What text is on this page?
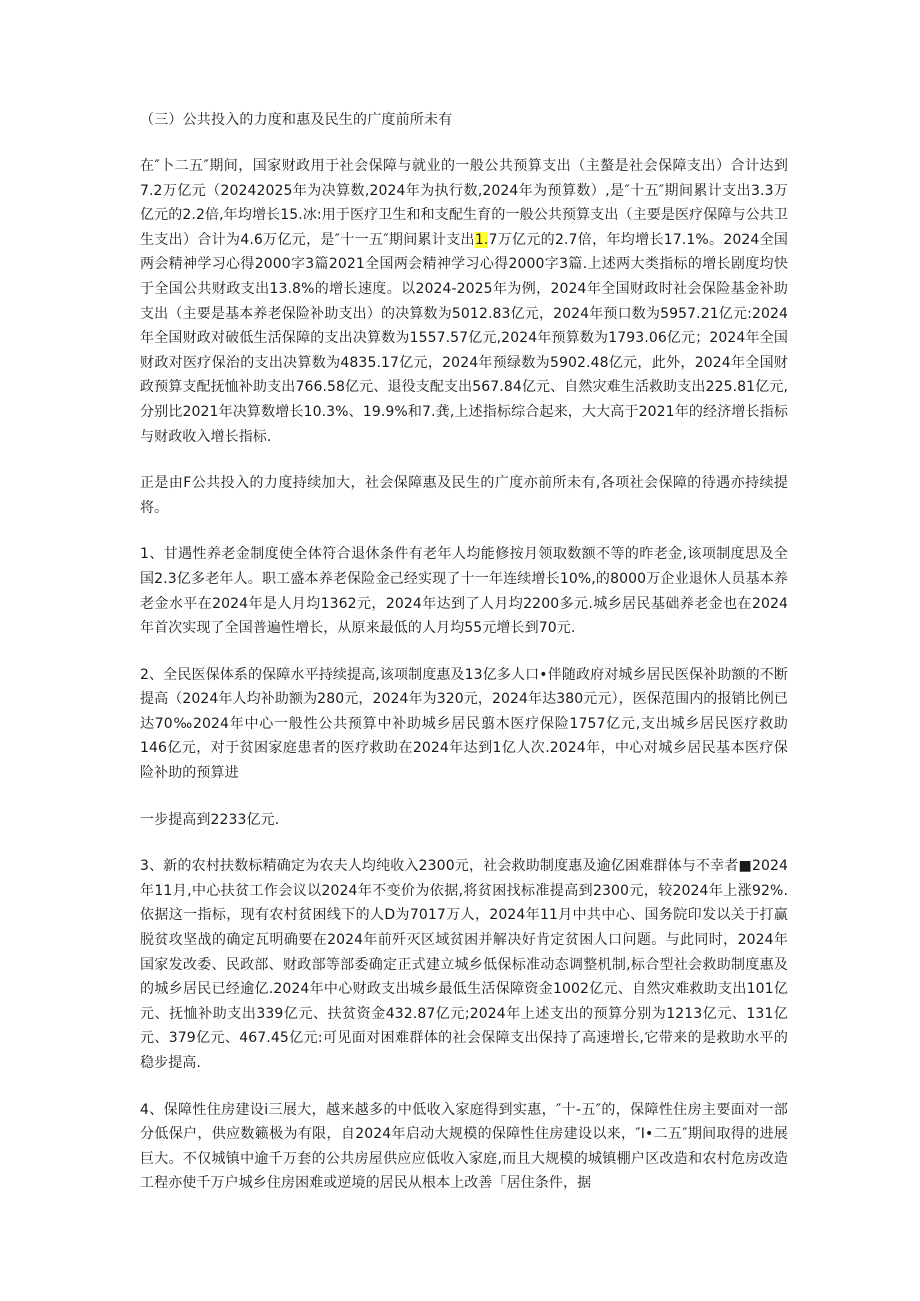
（三）公共投入的力度和惠及民生的广度前所未有

在″卜二五″期间，国家财政用于社会保障与就业的一般公共预算支出（主螯是社会保障支出）合计达到7.2万亿元（20242025年为决算数,2024年为执行数,2024年为预算数）,是″十五″期间累计支出3.3万亿元的2.2倍,年均增长15.冰:用于医疗卫生和和支配生育的一般公共预算支出（主要是医疗保障与公共卫生支出）合计为4.6万亿元，是″十一五″期间累计支出1.7万亿元的2.7倍，年均增长17.1%。2024全国两会精神学习心得2000字3篇2021全国两会精神学习心得2000字3篇.上述两大类指标的增长剧度均快于全国公共财政支出13.8%的增长速度。以2024-2025年为例，2024年全国财政时社会保险基金补助支出（主要是基本养老保险补助支出）的决算数为5012.83亿元，2024年预口数为5957.21亿元:2024年全国财政对破低生活保障的支出决算数为1557.57亿元,2024年预算数为1793.06亿元；2024年全国财政对医疗保治的支出决算数为4835.17亿元，2024年预绿数为5902.48亿元，此外，2024年全国财政预算支配抚恤补助支出766.58亿元、退役支配支出567.84亿元、自然灾难生活救助支出225.81亿元,分别比2021年决算数增长10.3%、19.9%和7.龚,上述指标综合起来，大大高于2021年的经济增长指标与财政收入增长指标.

正是由F公共投入的力度持续加大，社会保障惠及民生的广度亦前所未有,各项社会保障的待遇亦持续提将。

1、甘遇性养老金制度使全体符合退休条件有老年人均能修按月领取数额不等的昨老金,该项制度思及全国2.3亿多老年人。职工盛本养老保险金己经实现了十一年连续增长10%,的8000万企业退休人员基本养老金水平在2024年是人月均1362元，2024年达到了人月均2200多元.城乡居民基础养老金也在2024年首次实现了全国普遍性增长，从原来最低的人月均55元增长到70元.

2、全民医保体系的保障水平持续提高,该项制度惠及13亿多人口•伴随政府对城乡居民医保补助额的不断提高（2024年人均补助额为280元，2024年为320元，2024年达380元元），医保范围内的报销比例已达70‰2024年中心一般性公共预算中补助城乡居民翦木医疗保险1757亿元,支出城乡居民医疗救助146亿元，对于贫困家庭患者的医疗救助在2024年达到1亿人次.2024年，中心对城乡居民基本医疗保险补助的预算进

一步提高到2233亿元.

3、新的农村扶数标精确定为农夫人均纯收入2300元，社会救助制度惠及逾亿困难群体与不幸者■2024年11月,中心扶贫工作会议以2024年不变价为依据,将贫困找标准提高到2300元，较2024年上涨92%.依据这一指标，现有农村贫困线下的人D为7017万人，2024年11月中共中心、国务院印发以关于打赢脱贫攻坚战的确定瓦明确要在2024年前歼灭区域贫困并解决好肯定贫困人口问题。与此同时，2024年国家发改委、民政部、财政部等部委确定正式建立城乡低保标准动态调整机制,标合型社会救助制度惠及的城乡居民已经逾亿.2024年中心财政支出城乡最低生活保障资金1002亿元、自然灾难救助支出101亿元、抚恤补助支出339亿元、扶贫资金432.87亿元;2024年上述支出的预算分别为1213亿元、131亿元、379亿元、467.45亿元:可见面对困难群体的社会保障支出保持了高速增长,它带来的是救助水平的稳步提高.

4、保障性住房建设i三展大，越来越多的中低收入家庭得到实惠，″十-五″的，保障性住房主要面对一部分低保户，供应数籁极为有限，自2024年启动大规模的保障性住房建设以来，″I•二五″期间取得的进展巨大。不仅城镇中逾千万套的公共房屋供应应低收入家庭,而且大规模的城镇棚户区改造和农村危房改造工程亦使千万户城乡住房困难或逆境的居民从根本上改善「居住条件，据
